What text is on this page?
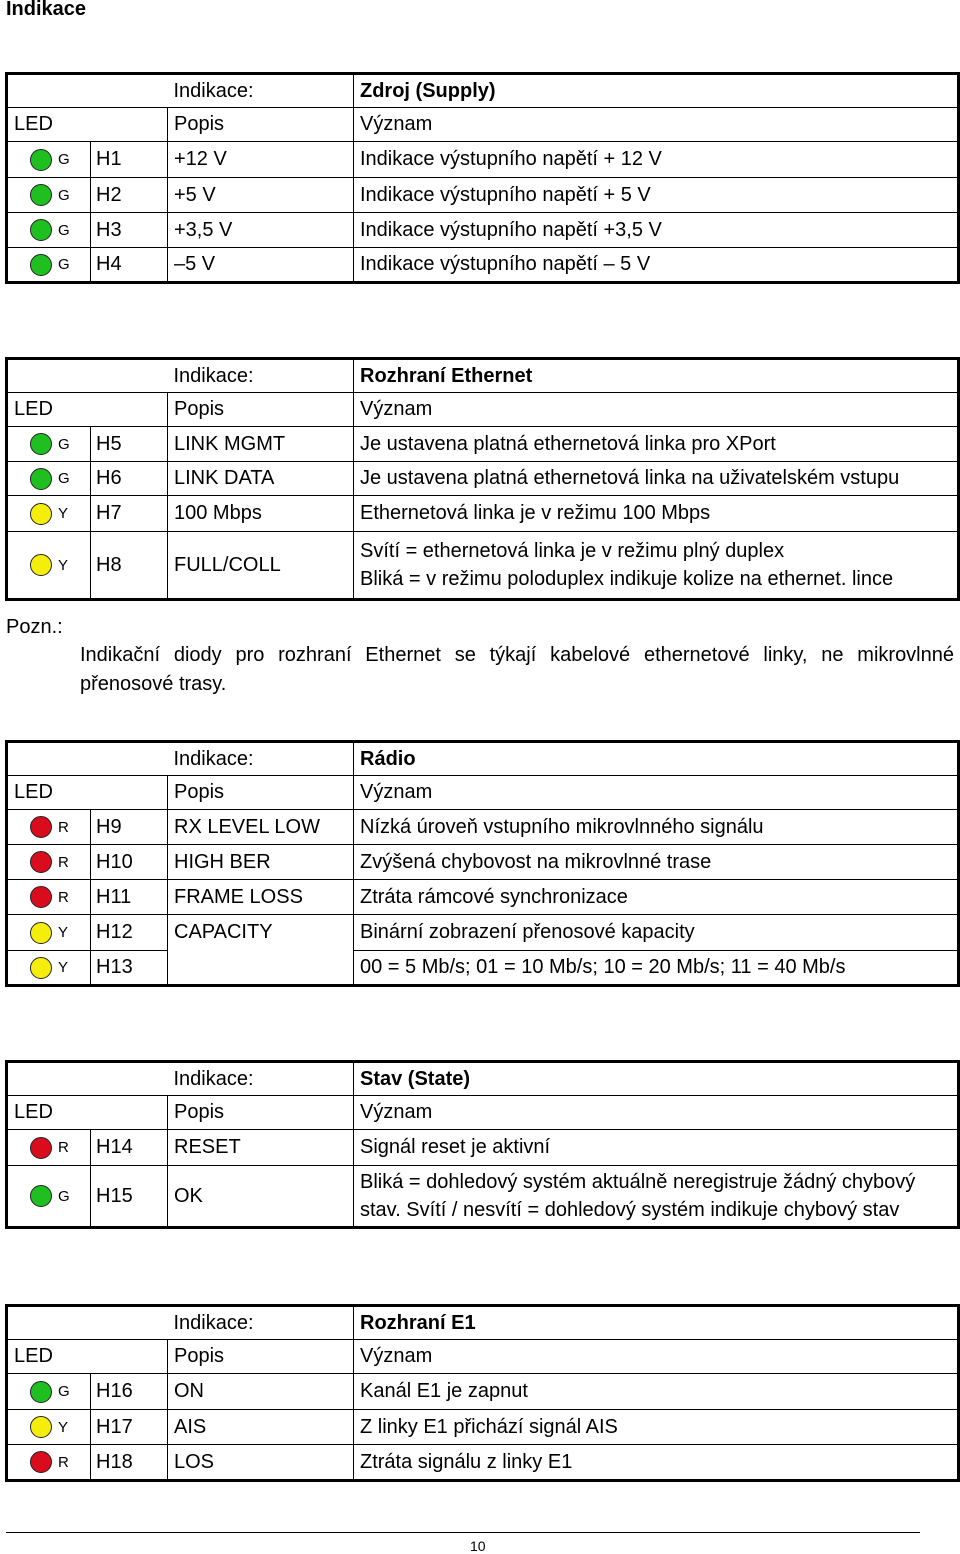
Indikace
		Indikace:	Zdroj (Supply)
LED		Popis	Význam
G	H1	+12 V	Indikace výstupního napětí + 12 V
G	H2	+5 V	Indikace výstupního napětí + 5 V
G	H3	+3,5 V	Indikace výstupního napětí +3,5 V
G	H4	–5 V	Indikace výstupního napětí – 5 V
		Indikace:	Rozhraní Ethernet
LED		Popis	Význam
G	H5	LINK MGMT	Je ustavena platná ethernetová linka pro XPort
G	H6	LINK DATA	Je ustavena platná ethernetová linka na uživatelském vstupu
Y	H7	100 Mbps	Ethernetová linka je v režimu 100 Mbps
Y	H8	FULL/COLL	Svítí = ethernetová linka je v režimu plný duplex
Bliká = v režimu poloduplex indikuje kolize na ethernet. lince
		Indikace:	Rádio
LED		Popis	Význam
R	H9	RX LEVEL LOW	Nízká úroveň vstupního mikrovlnného signálu
R	H10	HIGH BER	Zvýšená chybovost na mikrovlnné trase
R	H11	FRAME LOSS	Ztráta rámcové synchronizace
Y	H12	CAPACITY	Binární zobrazení přenosové kapacity
Y	H13		00 = 5 Mb/s; 01 = 10 Mb/s; 10 = 20 Mb/s; 11 = 40 Mb/s
		Indikace:	Stav (State)
LED		Popis	Význam
R	H14	RESET	Signál reset je aktivní
G	H15	OK	Bliká = dohledový systém aktuálně neregistruje žádný chybový
stav. Svítí / nesvítí = dohledový systém indikuje chybový stav
		Indikace:	Rozhraní E1
LED		Popis	Význam
G	H16	ON	Kanál E1 je zapnut
Y	H17	AIS	Z linky E1 přichází signál AIS
R	H18	LOS	Ztráta signálu z linky E1
Pozn.:
Indikační diody pro rozhraní Ethernet se týkají kabelové ethernetové linky, ne mikrovlnné přenosové trasy.
10
